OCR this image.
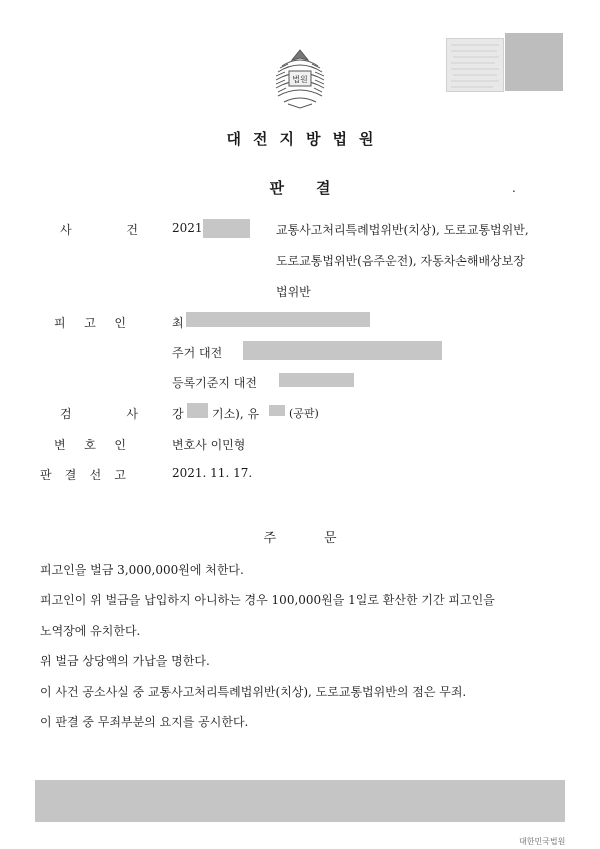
법원
대전지방법원
판 결	.
사	건	2021	교통사고처리특례법위반(치상), 도로교통법위반,
도로교통법위반(음주운전), 자동차손해배상보장
법위반
피 고 인	최
주거 대전
등록기준지 대전
검	사	강 기소), 유	(공판)
변 호 인	변호사 이민형
판 결 선 고	2021. 11. 17.
주	문
피고인을 벌금 3,000,000원에 처한다.
피고인이 위 벌금을 납입하지 아니하는 경우 100,000원을 1일로 환산한 기간 피고인을
노역장에 유치한다.
위 벌금 상당액의 가납을 명한다.
이 사건 공소사실 중 교통사고처리특례법위반(치상), 도로교통법위반의 점은 무죄.
이 판결 중 무죄부분의 요지를 공시한다.
대한민국법원
